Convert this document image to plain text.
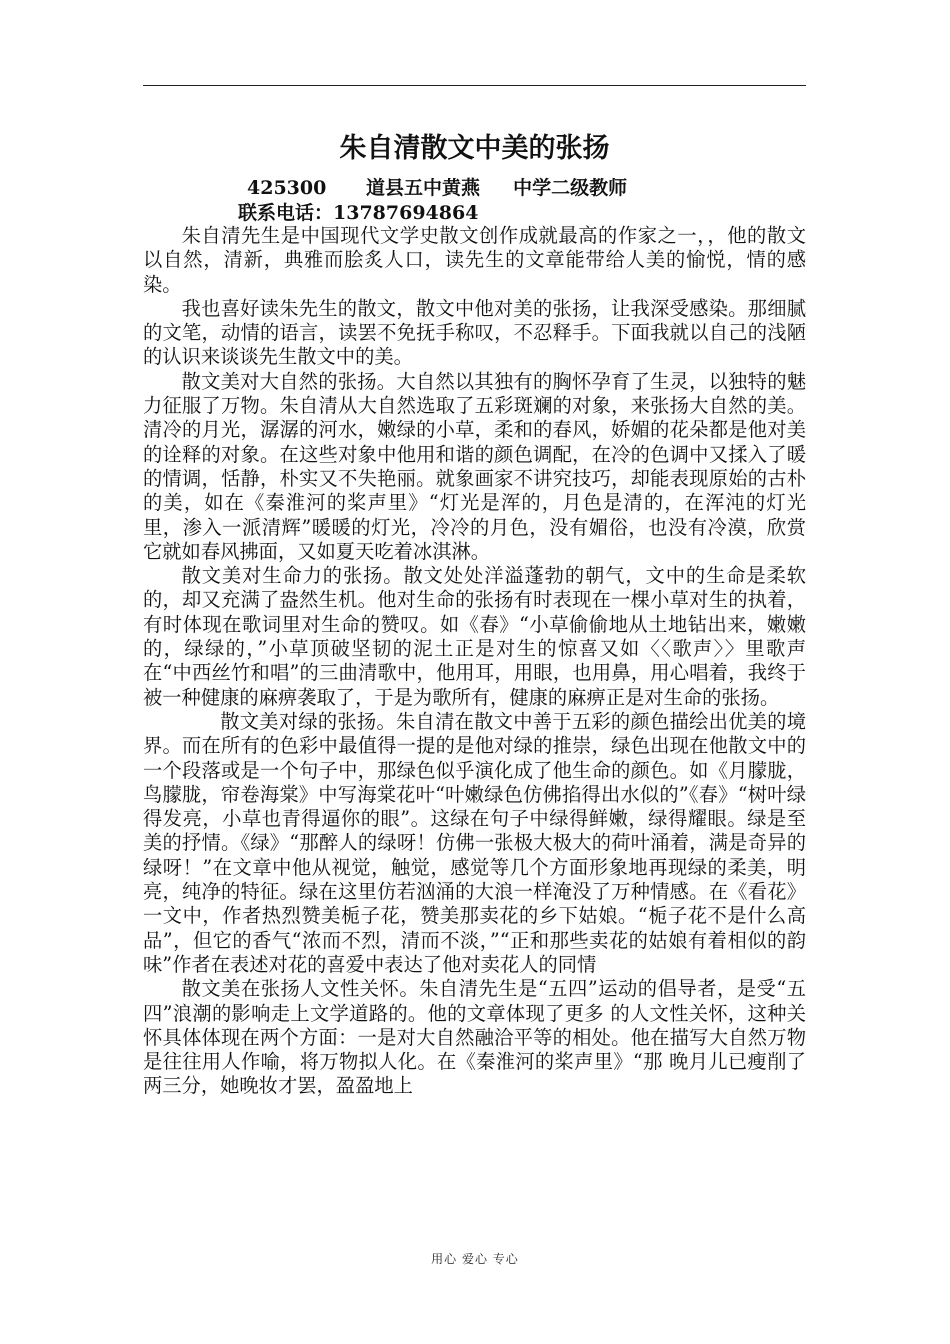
朱自清散文中美的张扬
425300      道县五中黄燕     中学二级教师
联系电话：13787694864

朱自清先生是中国现代文学史散文创作成就最高的作家之一，，他的散文以自然，清新，典雅而脍炙人口，读先生的文章能带给人美的愉悦，情的感染。

我也喜好读朱先生的散文，散文中他对美的张扬，让我深受感染。那细腻的文笔，动情的语言，读罢不免抚手称叹，不忍释手。下面我就以自己的浅陋的认识来谈谈先生散文中的美。

散文美对大自然的张扬。大自然以其独有的胸怀孕育了生灵，以独特的魅力征服了万物。朱自清从大自然选取了五彩斑斓的对象，来张扬大自然的美。清冷的月光，潺潺的河水，嫩绿的小草，柔和的春风，娇媚的花朵都是他对美的诠释的对象。在这些对象中他用和谐的颜色调配，在冷的色调中又揉入了暖的情调，恬静，朴实又不失艳丽。就象画家不讲究技巧，却能表现原始的古朴的美，如在《秦淮河的桨声里》“灯光是浑的，月色是清的，在浑沌的灯光里，渗入一派清辉”暖暖的灯光，冷冷的月色，没有媚俗，也没有冷漠，欣赏它就如春风拂面，又如夏天吃着冰淇淋。

散文美对生命力的张扬。散文处处洋溢蓬勃的朝气，文中的生命是柔软的，却又充满了盎然生机。他对生命的张扬有时表现在一棵小草对生的执着，有时体现在歌词里对生命的赞叹。如《春》“小草偷偷地从土地钻出来，嫩嫩的，绿绿的，”小草顶破坚韧的泥土正是对生的惊喜又如〈〈歌声〉〉里歌声在“中西丝竹和唱”的三曲清歌中，他用耳，用眼，也用鼻，用心唱着，我终于被一种健康的麻痹袭取了，于是为歌所有，健康的麻痹正是对生命的张扬。

散文美对绿的张扬。朱自清在散文中善于五彩的颜色描绘出优美的境界。而在所有的色彩中最值得一提的是他对绿的推崇，绿色出现在他散文中的一个段落或是一个句子中，那绿色似乎演化成了他生命的颜色。如《月朦胧，鸟朦胧，帘卷海棠》中写海棠花叶“叶嫩绿色仿佛掐得出水似的”《春》“树叶绿得发亮，小草也青得逼你的眼”。这绿在句子中绿得鲜嫩，绿得耀眼。绿是至美的抒情。《绿》“那醉人的绿呀！仿佛一张极大极大的荷叶涌着，满是奇异的绿呀！”在文章中他从视觉，触觉，感觉等几个方面形象地再现绿的柔美，明亮，纯净的特征。绿在这里仿若汹涌的大浪一样淹没了万种情感。在《看花》一文中，作者热烈赞美栀子花，赞美那卖花的乡下姑娘。“栀子花不是什么高品”，但它的香气“浓而不烈，清而不淡，”“正和那些卖花的姑娘有着相似的韵味”作者在表述对花的喜爱中表达了他对卖花人的同情

散文美在张扬人文性关怀。朱自清先生是“五四”运动的倡导者，是受“五四”浪潮的影响走上文学道路的。他的文章体现了更多 的人文性关怀，这种关怀具体体现在两个方面：一是对大自然融洽平等的相处。他在描写大自然万物是往往用人作喻，将万物拟人化。在《秦淮河的桨声里》“那 晚月儿已瘦削了两三分，她晚妆才罢，盈盈地上

用心 爱心 专心
